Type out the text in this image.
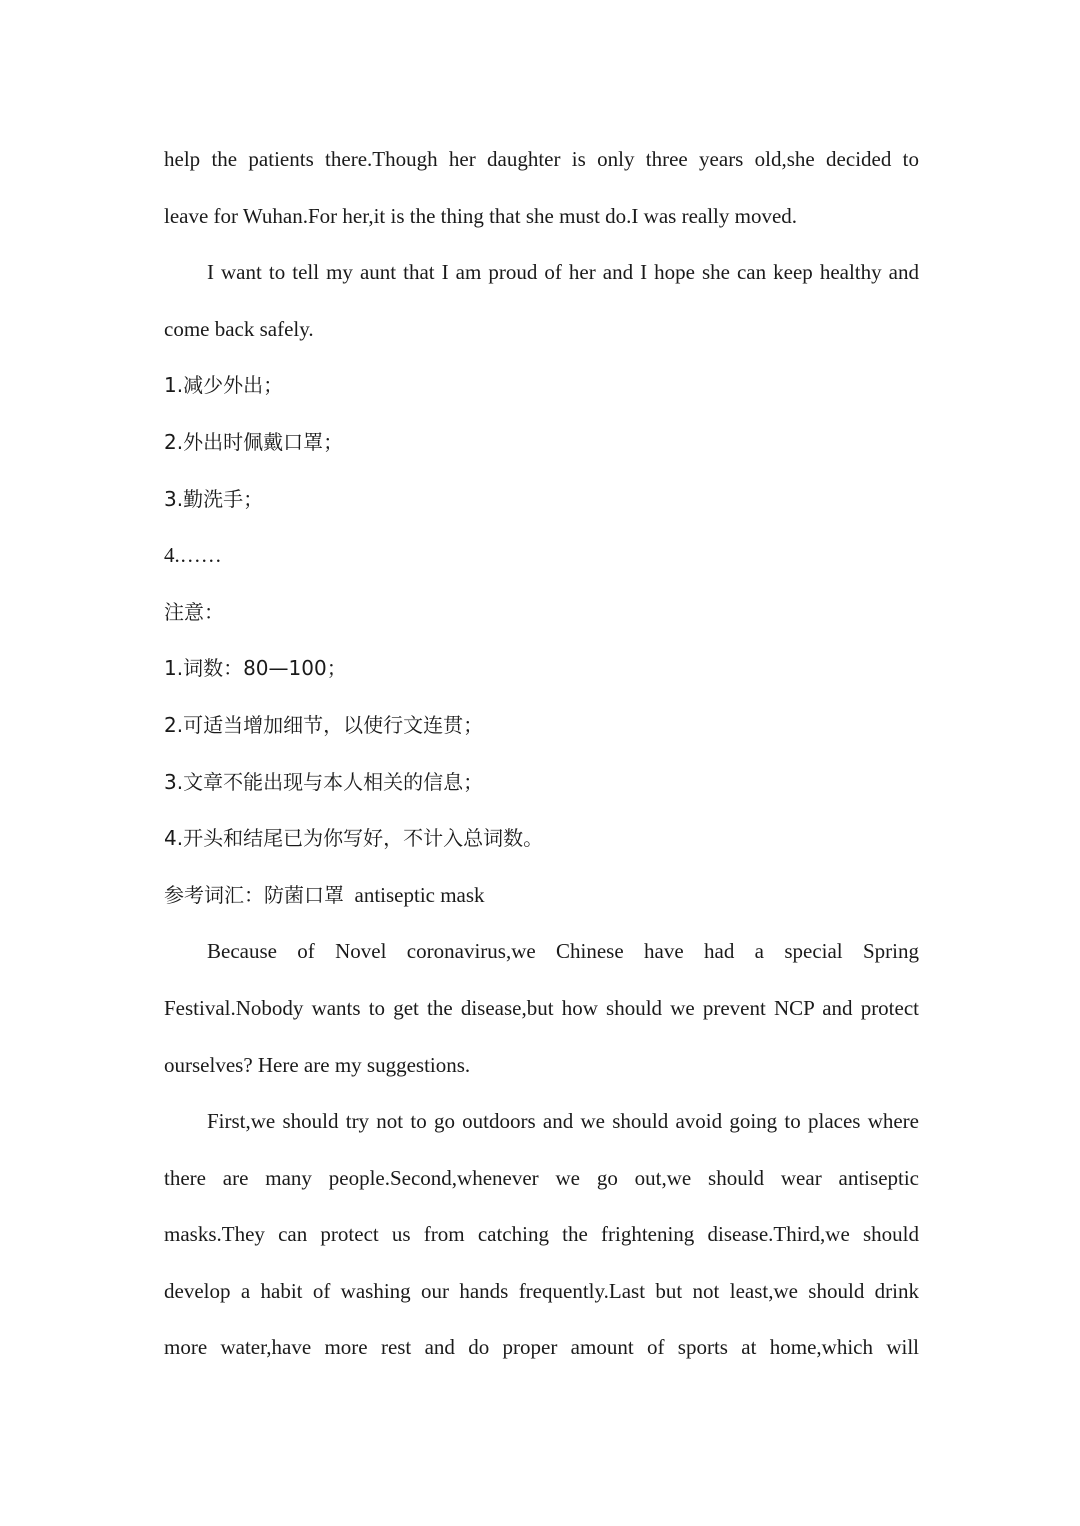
help the patients there.Though her daughter is only three years old,she decided to
leave for Wuhan.For her,it is the thing that she must do.I was really moved.
I want to tell my aunt that I am proud of her and I hope she can keep healthy and
come back safely.
1.减少外出；
2.外出时佩戴口罩；
3.勤洗手；
4.……
注意：
1.词数：80—100；
2.可适当增加细节，以使行文连贯；
3.文章不能出现与本人相关的信息；
4.开头和结尾已为你写好，不计入总词数。
参考词汇：防菌口罩 antiseptic mask
Because of Novel coronavirus,we Chinese have had a special Spring
Festival.Nobody wants to get the disease,but how should we prevent NCP and protect
ourselves? Here are my suggestions.
First,we should try not to go outdoors and we should avoid going to places where
there are many people.Second,whenever we go out,we should wear antiseptic
masks.They can protect us from catching the frightening disease.Third,we should
develop a habit of washing our hands frequently.Last but not least,we should drink
more water,have more rest and do proper amount of sports at home,which will
